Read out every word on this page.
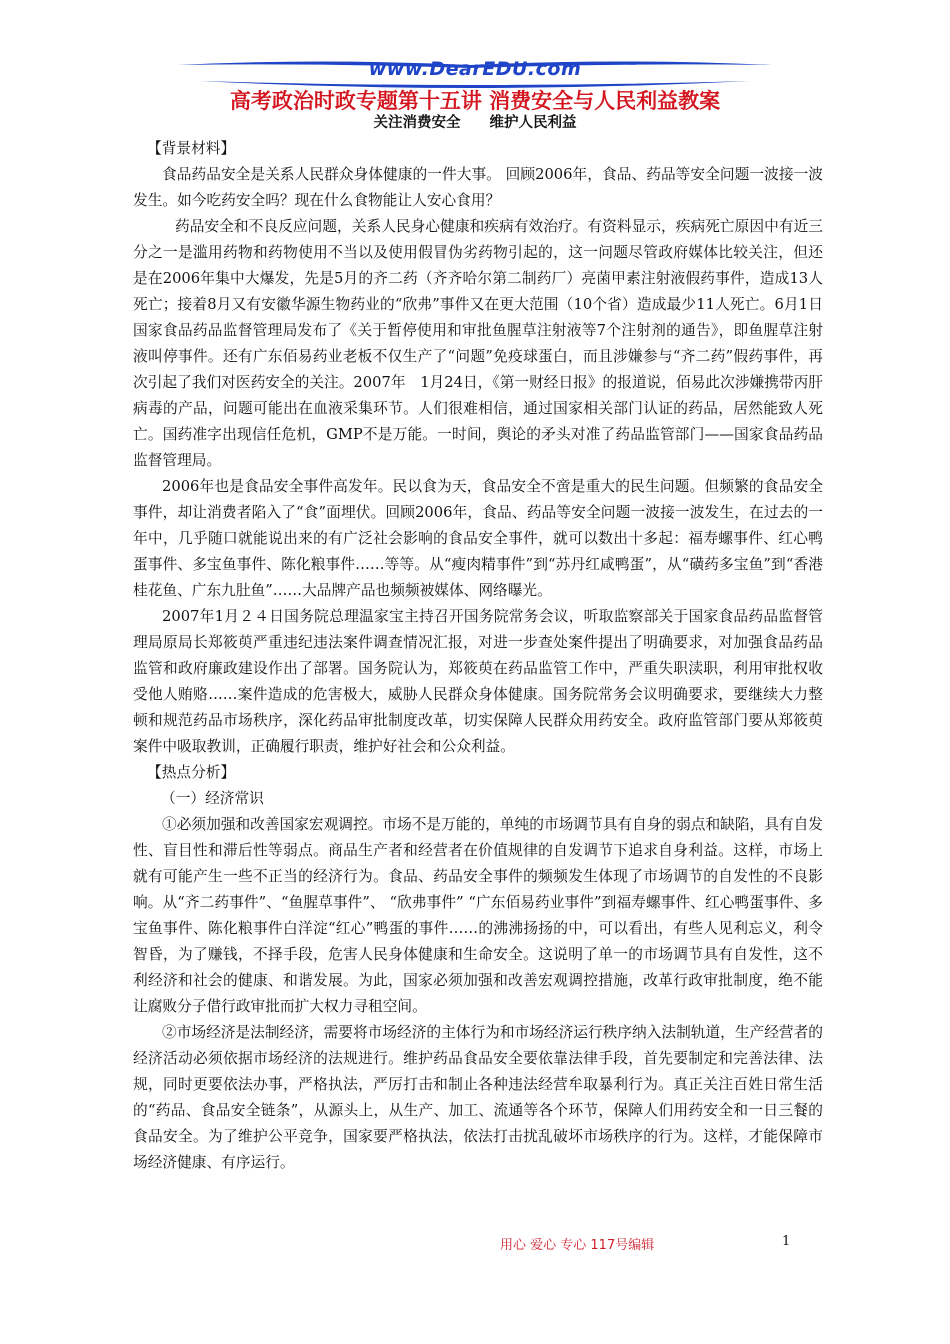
www.DearEDU.com
高考政治时政专题第十五讲 消费安全与人民利益教案
关注消费安全　　维护人民利益

【背景材料】

食品药品安全是关系人民群众身体健康的一件大事。 回顾2006年，食品、药品等安全问题一波接一波发生。如今吃药安全吗？现在什么食物能让人安心食用？

药品安全和不良反应问题，关系人民身心健康和疾病有效治疗。有资料显示，疾病死亡原因中有近三分之一是滥用药物和药物使用不当以及使用假冒伪劣药物引起的，这一问题尽管政府媒体比较关注，但还是在2006年集中大爆发，先是5月的齐二药（齐齐哈尔第二制药厂）亮菌甲素注射液假药事件，造成13人死亡；接着8月又有安徽华源生物药业的“欣弗”事件又在更大范围（10个省）造成最少11人死亡。6月1日国家食品药品监督管理局发布了《关于暂停使用和审批鱼腥草注射液等7个注射剂的通告》，即鱼腥草注射液叫停事件。还有广东佰易药业老板不仅生产了“问题”免疫球蛋白，而且涉嫌参与“齐二药”假药事件，再次引起了我们对医药安全的关注。2007年　1月24日，《第一财经日报》的报道说，佰易此次涉嫌携带丙肝病毒的产品，问题可能出在血液采集环节。人们很难相信，通过国家相关部门认证的药品，居然能致人死亡。国药准字出现信任危机，GMP不是万能。一时间，舆论的矛头对准了药品监管部门——国家食品药品监督管理局。

2006年也是食品安全事件高发年。民以食为天，食品安全不啻是重大的民生问题。但频繁的食品安全事件，却让消费者陷入了“食”面埋伏。回顾2006年，食品、药品等安全问题一波接一波发生，在过去的一年中，几乎随口就能说出来的有广泛社会影响的食品安全事件，就可以数出十多起：福寿螺事件、红心鸭蛋事件、多宝鱼事件、陈化粮事件……等等。从“瘦肉精事件”到“苏丹红咸鸭蛋”，从“磺药多宝鱼”到“香港桂花鱼、广东九肚鱼”……大品牌产品也频频被媒体、网络曝光。

2007年1月２４日国务院总理温家宝主持召开国务院常务会议，听取监察部关于国家食品药品监督管理局原局长郑筱萸严重违纪违法案件调查情况汇报，对进一步查处案件提出了明确要求，对加强食品药品监管和政府廉政建设作出了部署。国务院认为，郑筱萸在药品监管工作中，严重失职渎职，利用审批权收受他人贿赂……案件造成的危害极大，威胁人民群众身体健康。国务院常务会议明确要求，要继续大力整顿和规范药品市场秩序，深化药品审批制度改革，切实保障人民群众用药安全。政府监管部门要从郑筱萸案件中吸取教训，正确履行职责，维护好社会和公众利益。

【热点分析】

（一）经济常识

①必须加强和改善国家宏观调控。市场不是万能的，单纯的市场调节具有自身的弱点和缺陷，具有自发性、盲目性和滞后性等弱点。商品生产者和经营者在价值规律的自发调节下追求自身利益。这样，市场上就有可能产生一些不正当的经济行为。食品、药品安全事件的频频发生体现了市场调节的自发性的不良影响。从“齐二药事件”、“鱼腥草事件”、 “欣弗事件” “广东佰易药业事件”到福寿螺事件、红心鸭蛋事件、多宝鱼事件、陈化粮事件白洋淀“红心”鸭蛋的事件……的沸沸扬扬的中，可以看出，有些人见利忘义，利令智昏，为了赚钱，不择手段，危害人民身体健康和生命安全。这说明了单一的市场调节具有自发性，这不利经济和社会的健康、和谐发展。为此，国家必须加强和改善宏观调控措施，改革行政审批制度，绝不能让腐败分子借行政审批而扩大权力寻租空间。

②市场经济是法制经济，需要将市场经济的主体行为和市场经济运行秩序纳入法制轨道，生产经营者的经济活动必须依据市场经济的法规进行。维护药品食品安全要依靠法律手段，首先要制定和完善法律、法规，同时更要依法办事，严格执法，严厉打击和制止各种违法经营牟取暴利行为。真正关注百姓日常生活的“药品、食品安全链条”，从源头上，从生产、加工、流通等各个环节，保障人们用药安全和一日三餐的食品安全。为了维护公平竞争，国家要严格执法，依法打击扰乱破坏市场秩序的行为。这样，才能保障市场经济健康、有序运行。

用心 爱心 专心 117号编辑	1
